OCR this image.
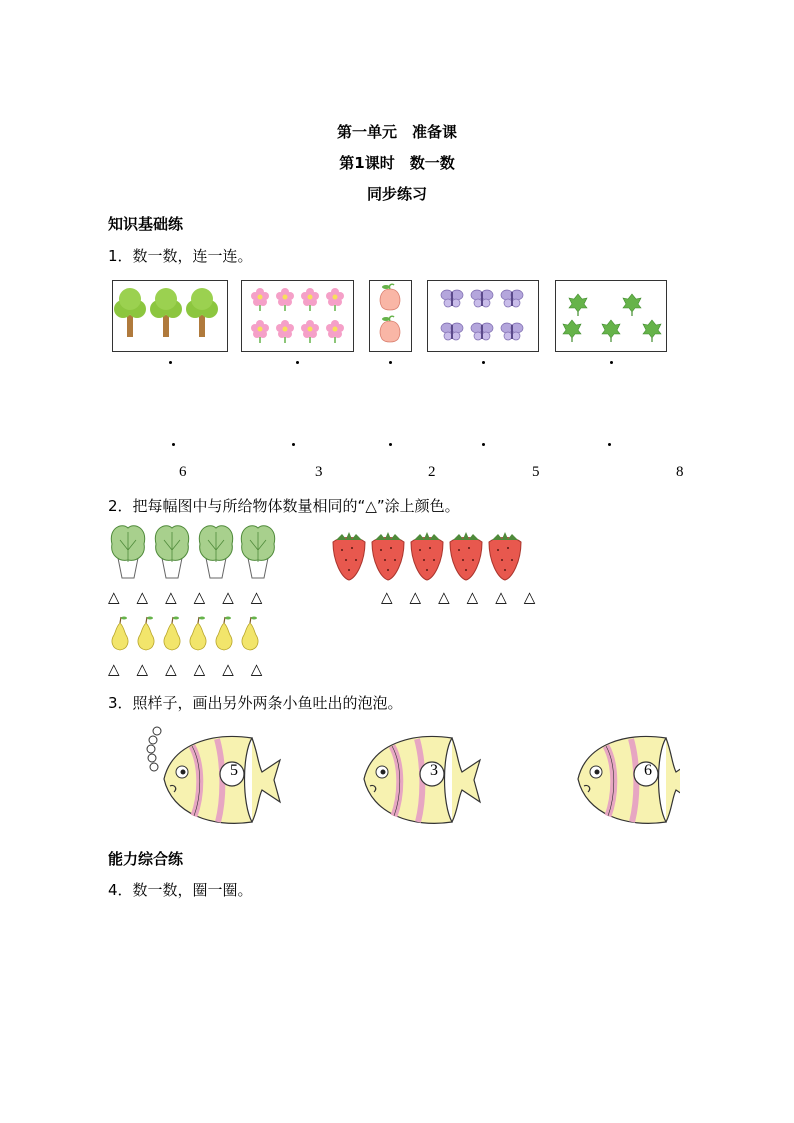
第一单元　准备课
第1课时　数一数
同步练习
知识基础练
1．数一数，连一连。
6	3	2	5	8
2．把每幅图中与所给物体数量相同的“△”涂上颜色。
△△△△△△	△△△△△△
△△△△△△
3．照样子，画出另外两条小鱼吐出的泡泡。
5	3	6
能力综合练
4．数一数，圈一圈。
